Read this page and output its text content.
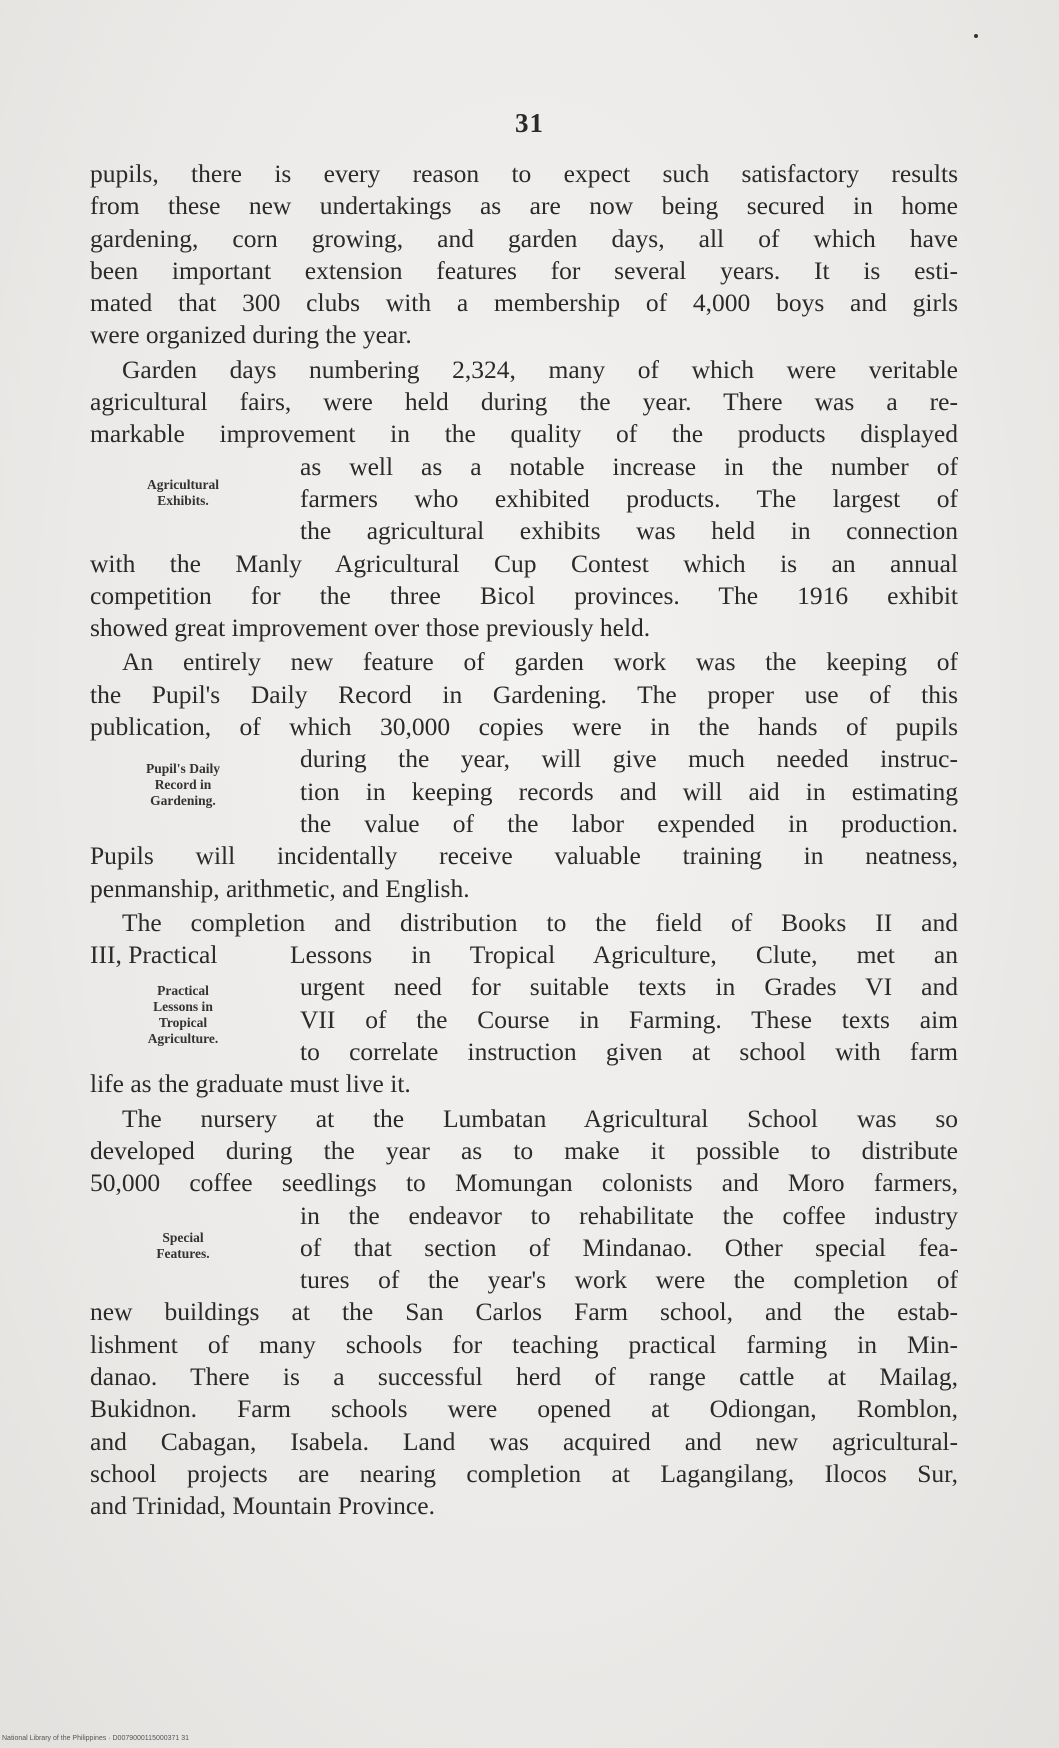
31
pupils, there is every reason to expect such satisfactory results
from these new undertakings as are now being secured in home
gardening, corn growing, and garden days, all of which have
been important extension features for several years. It is esti-
mated that 300 clubs with a membership of 4,000 boys and girls
were organized during the year.
Garden days numbering 2,324, many of which were veritable
agricultural fairs, were held during the year. There was a re-
markable improvement in the quality of the products displayed
Agricultural
Exhibits.
as well as a notable increase in the number of
farmers who exhibited products. The largest of
the agricultural exhibits was held in connection
with the Manly Agricultural Cup Contest which is an annual
competition for the three Bicol provinces. The 1916 exhibit
showed great improvement over those previously held.
An entirely new feature of garden work was the keeping of
the Pupil's Daily Record in Gardening. The proper use of this
publication, of which 30,000 copies were in the hands of pupils
Pupil's Daily
Record in
Gardening.
during the year, will give much needed instruc-
tion in keeping records and will aid in estimating
the value of the labor expended in production.
Pupils will incidentally receive valuable training in neatness,
penmanship, arithmetic, and English.
The completion and distribution to the field of Books II and
III, Practical
Practical
Lessons in
Tropical
Agriculture.
Lessons in Tropical Agriculture, Clute, met an
urgent need for suitable texts in Grades VI and
VII of the Course in Farming. These texts aim
to correlate instruction given at school with farm
life as the graduate must live it.
The nursery at the Lumbatan Agricultural School was so
developed during the year as to make it possible to distribute
50,000 coffee seedlings to Momungan colonists and Moro farmers,
Special
Features.
in the endeavor to rehabilitate the coffee industry
of that section of Mindanao. Other special fea-
tures of the year's work were the completion of
new buildings at the San Carlos Farm school, and the estab-
lishment of many schools for teaching practical farming in Min-
danao. There is a successful herd of range cattle at Mailag,
Bukidnon. Farm schools were opened at Odiongan, Romblon,
and Cabagan, Isabela. Land was acquired and new agricultural-
school projects are nearing completion at Lagangilang, Ilocos Sur,
and Trinidad, Mountain Province.
National Library of the Philippines · D0079000115000371 31
